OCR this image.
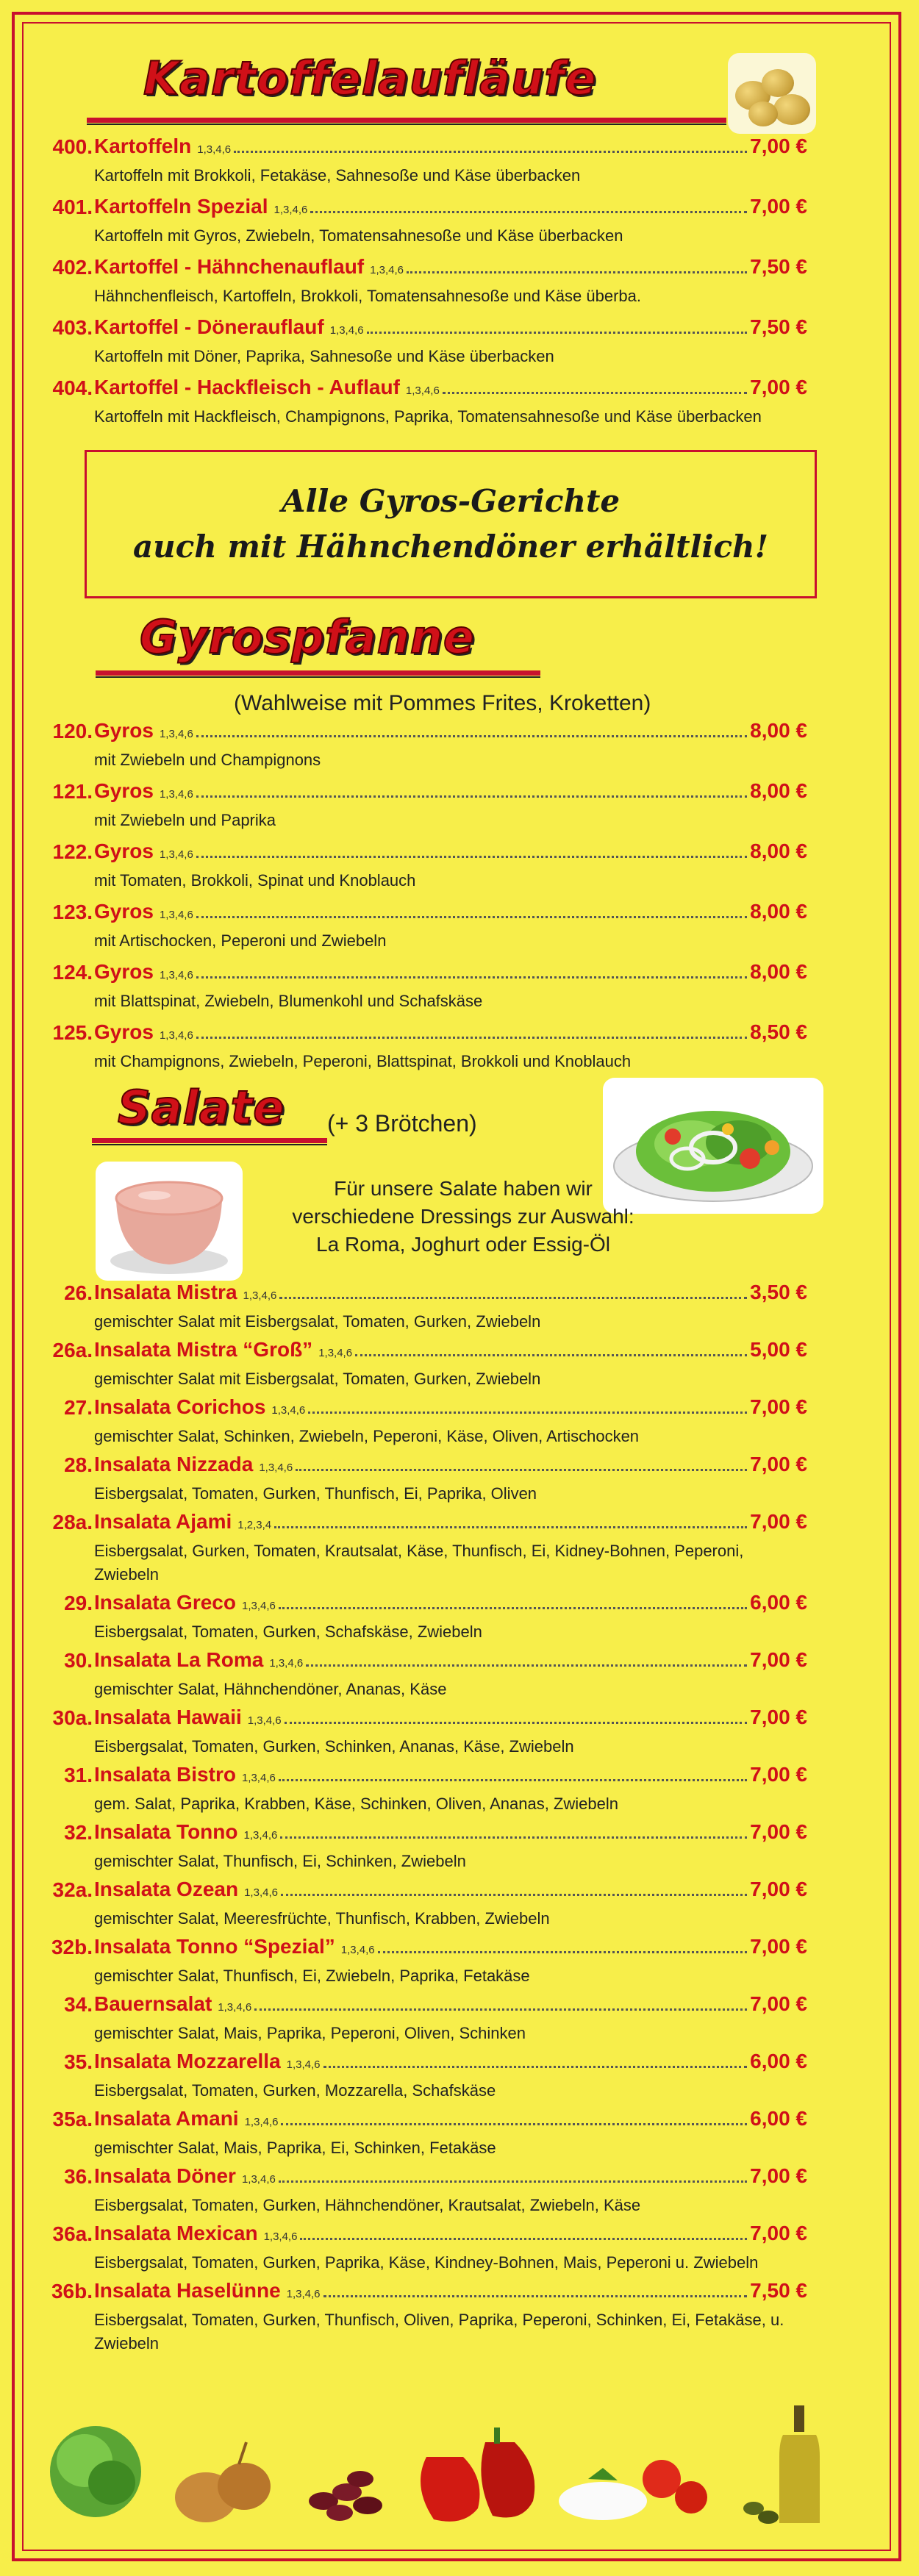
Kartoffelaufläufe
400. Kartoffeln 1,3,4,6	7,00 €
Kartoffeln mit Brokkoli, Fetakäse, Sahnesoße und Käse überbacken
401. Kartoffeln Spezial 1,3,4,6	7,00 €
Kartoffeln mit Gyros, Zwiebeln, Tomatensahnesoße und Käse überbacken
402. Kartoffel - Hähnchenauflauf 1,3,4,6	7,50 €
Hähnchenfleisch, Kartoffeln, Brokkoli, Tomatensahnesoße und Käse überba.
403. Kartoffel - Dönerauflauf 1,3,4,6	7,50 €
Kartoffeln mit Döner, Paprika, Sahnesoße und Käse überbacken
404. Kartoffel - Hackfleisch - Auflauf 1,3,4,6	7,00 €
Kartoffeln mit Hackfleisch, Champignons, Paprika, Tomatensahnesoße und Käse überbacken
Alle Gyros-Gerichte
auch mit Hähnchendöner erhältlich!
Gyrospfanne
(Wahlweise mit Pommes Frites, Kroketten)
120. Gyros 1,3,4,6	8,00 €
mit Zwiebeln und Champignons
121. Gyros 1,3,4,6	8,00 €
mit Zwiebeln und Paprika
122. Gyros 1,3,4,6	8,00 €
mit Tomaten, Brokkoli, Spinat und Knoblauch
123. Gyros 1,3,4,6	8,00 €
mit Artischocken, Peperoni und Zwiebeln
124. Gyros 1,3,4,6	8,00 €
mit Blattspinat, Zwiebeln, Blumenkohl und Schafskäse
125. Gyros 1,3,4,6	8,50 €
mit Champignons, Zwiebeln, Peperoni, Blattspinat, Brokkoli und Knoblauch
Salate (+ 3 Brötchen)
Für unsere Salate haben wir
verschiedene Dressings zur Auswahl:
La Roma, Joghurt oder Essig-Öl
26. Insalata Mistra 1,3,4,6	3,50 €
gemischter Salat mit Eisbergsalat, Tomaten, Gurken, Zwiebeln
26a. Insalata Mistra “Groß” 1,3,4,6	5,00 €
gemischter Salat mit Eisbergsalat, Tomaten, Gurken, Zwiebeln
27. Insalata Corichos 1,3,4,6	7,00 €
gemischter Salat, Schinken, Zwiebeln, Peperoni, Käse, Oliven, Artischocken
28. Insalata Nizzada 1,3,4,6	7,00 €
Eisbergsalat, Tomaten, Gurken, Thunfisch, Ei, Paprika, Oliven
28a. Insalata Ajami 1,2,3,4	7,00 €
Eisbergsalat, Gurken, Tomaten, Krautsalat, Käse, Thunfisch, Ei, Kidney-Bohnen, Peperoni, Zwiebeln
29. Insalata Greco 1,3,4,6	6,00 €
Eisbergsalat, Tomaten, Gurken, Schafskäse, Zwiebeln
30. Insalata La Roma 1,3,4,6	7,00 €
gemischter Salat, Hähnchendöner, Ananas, Käse
30a. Insalata Hawaii 1,3,4,6	7,00 €
Eisbergsalat, Tomaten, Gurken, Schinken, Ananas, Käse, Zwiebeln
31. Insalata Bistro 1,3,4,6	7,00 €
gem. Salat, Paprika, Krabben, Käse, Schinken, Oliven, Ananas, Zwiebeln
32. Insalata Tonno 1,3,4,6	7,00 €
gemischter Salat, Thunfisch, Ei, Schinken, Zwiebeln
32a. Insalata Ozean 1,3,4,6	7,00 €
gemischter Salat, Meeresfrüchte, Thunfisch, Krabben, Zwiebeln
32b. Insalata Tonno “Spezial” 1,3,4,6	7,00 €
gemischter Salat, Thunfisch, Ei, Zwiebeln, Paprika, Fetakäse
34. Bauernsalat 1,3,4,6	7,00 €
gemischter Salat, Mais, Paprika, Peperoni, Oliven, Schinken
35. Insalata Mozzarella 1,3,4,6	6,00 €
Eisbergsalat, Tomaten, Gurken, Mozzarella, Schafskäse
35a. Insalata Amani 1,3,4,6	6,00 €
gemischter Salat, Mais, Paprika, Ei, Schinken, Fetakäse
36. Insalata Döner 1,3,4,6	7,00 €
Eisbergsalat, Tomaten, Gurken, Hähnchendöner, Krautsalat, Zwiebeln, Käse
36a. Insalata Mexican 1,3,4,6	7,00 €
Eisbergsalat, Tomaten, Gurken, Paprika, Käse, Kindney-Bohnen, Mais, Peperoni u. Zwiebeln
36b. Insalata Haselünne 1,3,4,6	7,50 €
Eisbergsalat, Tomaten, Gurken, Thunfisch, Oliven, Paprika, Peperoni, Schinken, Ei, Fetakäse, u. Zwiebeln
